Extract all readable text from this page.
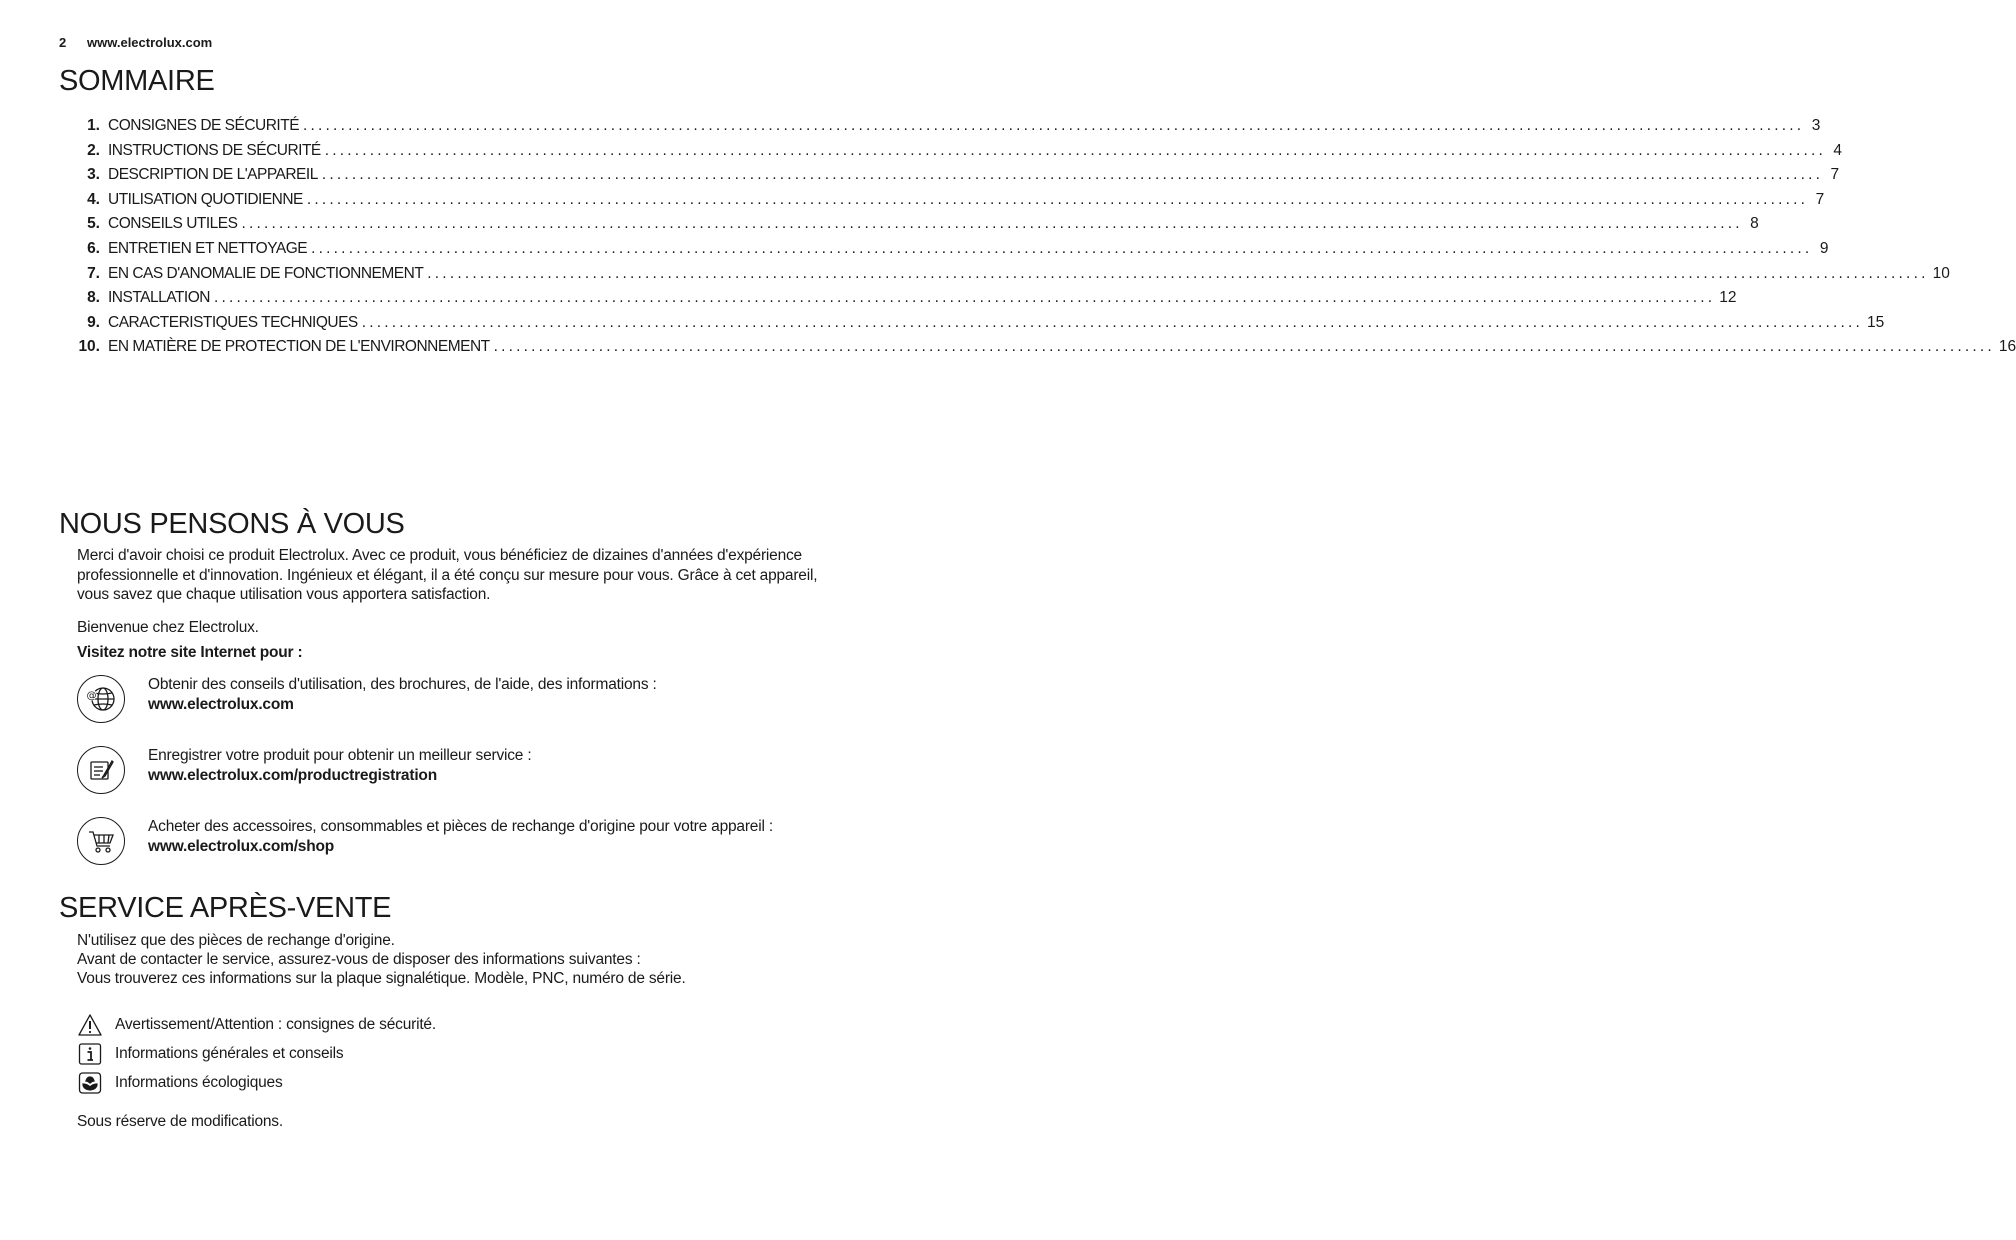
2 www.electrolux.com
SOMMAIRE
1. CONSIGNES DE SÉCURITÉ ........................................................................................................................................................................................................ 3
2. INSTRUCTIONS DE SÉCURITÉ ........................................................................................................................................................................................................ 4
3. DESCRIPTION DE L'APPAREIL ........................................................................................................................................................................................................ 7
4. UTILISATION QUOTIDIENNE ........................................................................................................................................................................................................ 7
5. CONSEILS UTILES ........................................................................................................................................................................................................ 8
6. ENTRETIEN ET NETTOYAGE ........................................................................................................................................................................................................ 9
7. EN CAS D'ANOMALIE DE FONCTIONNEMENT ........................................................................................................................................................................................................ 10
8. INSTALLATION ........................................................................................................................................................................................................ 12
9. CARACTERISTIQUES TECHNIQUES ........................................................................................................................................................................................................ 15
10. EN MATIÈRE DE PROTECTION DE L'ENVIRONNEMENT ........................................................................................................................................................................................................ 16
NOUS PENSONS À VOUS
Merci d'avoir choisi ce produit Electrolux. Avec ce produit, vous bénéficiez de dizaines d'années d'expérience professionnelle et d'innovation. Ingénieux et élégant, il a été conçu sur mesure pour vous. Grâce à cet appareil, vous savez que chaque utilisation vous apportera satisfaction.
Bienvenue chez Electrolux.
Visitez notre site Internet pour :
@
Obtenir des conseils d'utilisation, des brochures, de l'aide, des informations :
www.electrolux.com
Enregistrer votre produit pour obtenir un meilleur service :
www.electrolux.com/productregistration
Acheter des accessoires, consommables et pièces de rechange d'origine pour votre appareil :
www.electrolux.com/shop
SERVICE APRÈS-VENTE
N'utilisez que des pièces de rechange d'origine.
Avant de contacter le service, assurez-vous de disposer des informations suivantes :
Vous trouverez ces informations sur la plaque signalétique. Modèle, PNC, numéro de série.
Avertissement/Attention : consignes de sécurité.
Informations générales et conseils
Informations écologiques
Sous réserve de modifications.
